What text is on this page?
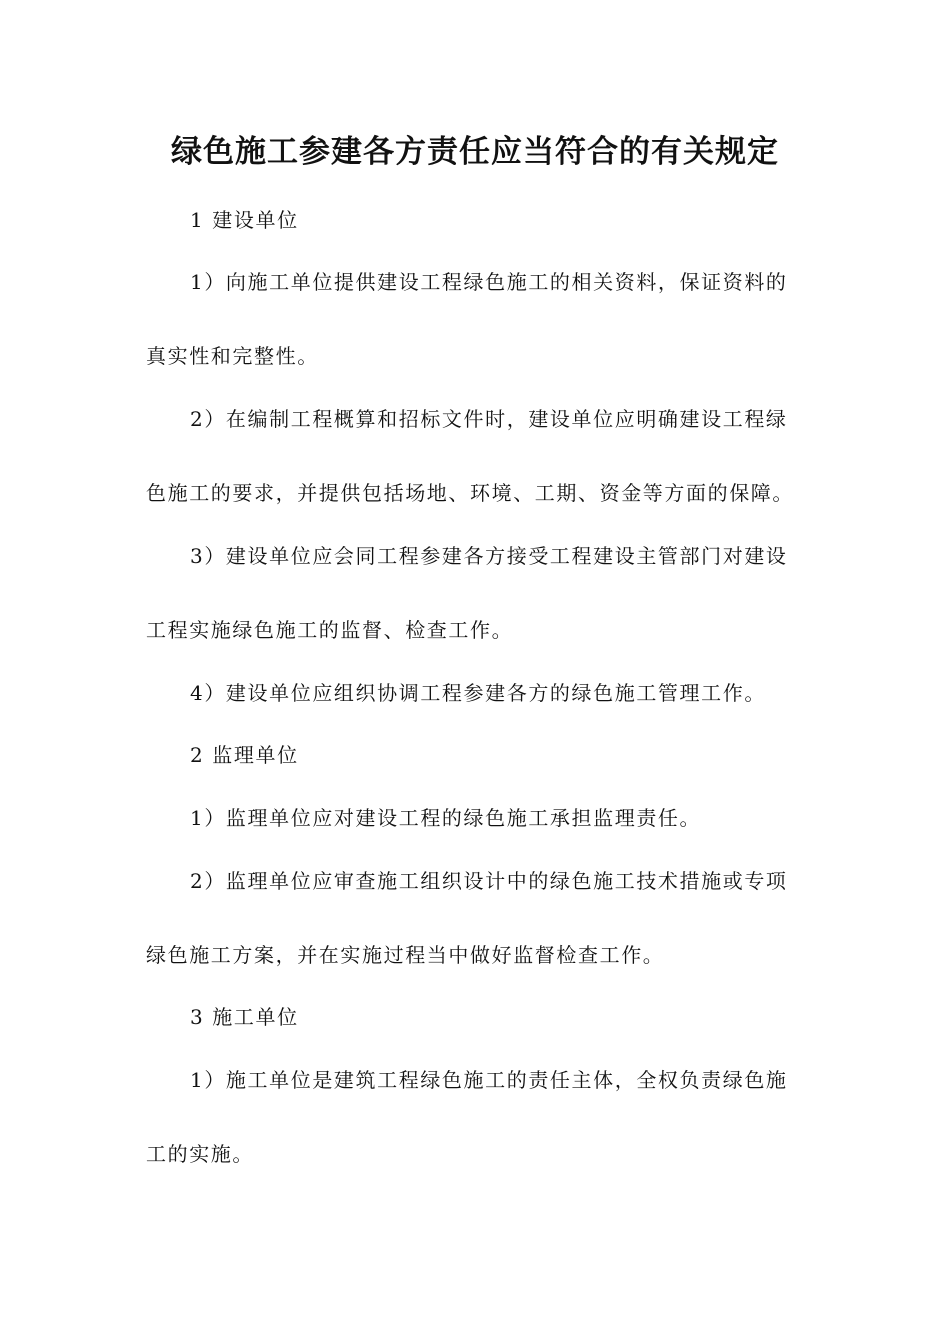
绿色施工参建各方责任应当符合的有关规定
1 建设单位
1）向施工单位提供建设工程绿色施工的相关资料，保证资料的
真实性和完整性。
2）在编制工程概算和招标文件时，建设单位应明确建设工程绿
色施工的要求，并提供包括场地、环境、工期、资金等方面的保障。
3）建设单位应会同工程参建各方接受工程建设主管部门对建设
工程实施绿色施工的监督、检查工作。
4）建设单位应组织协调工程参建各方的绿色施工管理工作。
2 监理单位
1）监理单位应对建设工程的绿色施工承担监理责任。
2）监理单位应审查施工组织设计中的绿色施工技术措施或专项
绿色施工方案，并在实施过程当中做好监督检查工作。
3 施工单位
1）施工单位是建筑工程绿色施工的责任主体，全权负责绿色施
工的实施。
